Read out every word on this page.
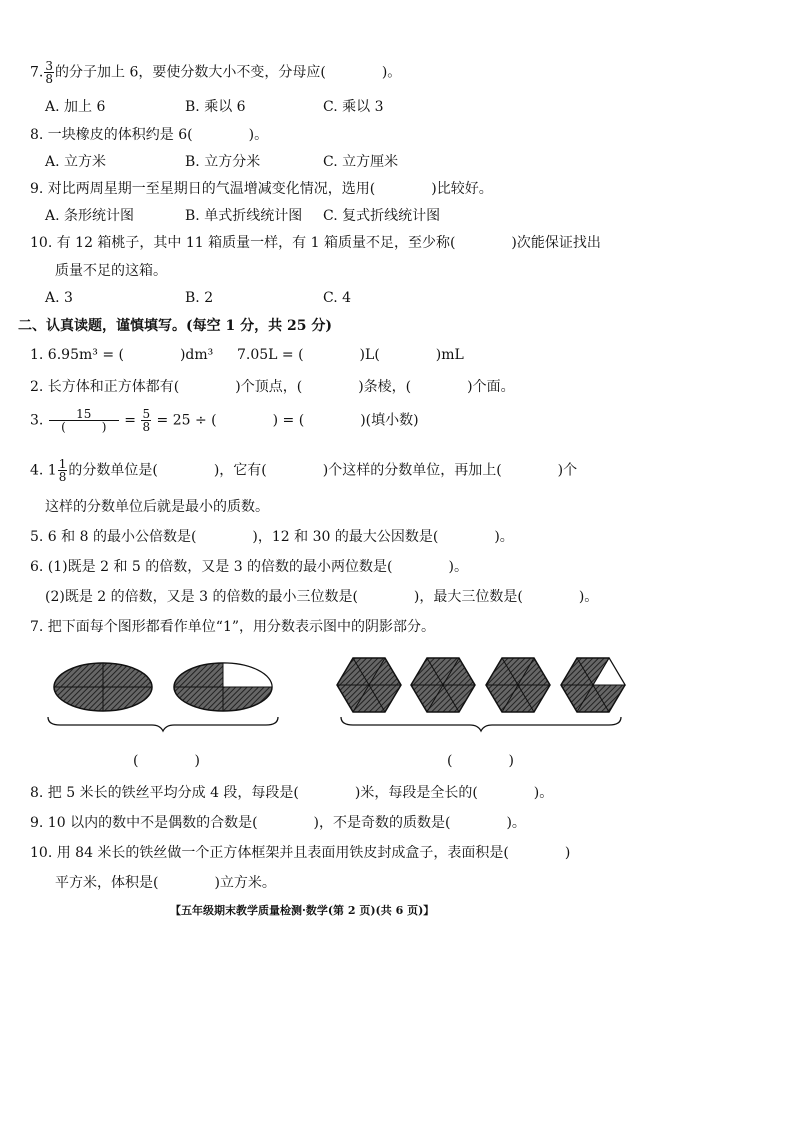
7. $\frac{3}{8}$ 的分子加上 6，要使分数大小不变，分母应(　　　　)。
A. 加上 6	B. 乘以 6	C. 乘以 3
8. 一块橡皮的体积约是 6(　　　　)。
A. 立方米	B. 立方分米	C. 立方厘米
9. 对比两周星期一至星期日的气温增减变化情况，选用(　　　　)比较好。
A. 条形统计图	B. 单式折线统计图 C. 复式折线统计图
10. 有 12 箱桃子，其中 11 箱质量一样，有 1 箱质量不足，至少称(　　　　)次能保证找出
质量不足的这箱。
A. 3	B. 2	C. 4
二、认真读题，谨慎填写。(每空 1 分，共 25 分)
1. 6.95m³ = (　　　　)dm³ 7.05L = (　　　　)L(　　　　)mL
2. 长方体和正方体都有(　　　　)个顶点，(　　　　)条棱，(　　　　)个面。
3. $\frac{15}{( )} = \frac{5}{8} = 25$ ÷ (　　　　) = (　　　　)(填小数)
4. $1 \frac{1}{8}$ 的分数单位是(　　　　)，它有(　　　　)个这样的分数单位，再加上(　　　　)个
这样的分数单位后就是最小的质数。
5. 6 和 8 的最小公倍数是(　　　　)，12 和 30 的最大公因数是(　　　　)。
6. (1)既是 2 和 5 的倍数，又是 3 的倍数的最小两位数是(　　　　)。
(2)既是 2 的倍数，又是 3 的倍数的最小三位数是(　　　　)，最大三位数是(　　　　)。
7. 把下面每个图形都看作单位“1”，用分数表示图中的阴影部分。
(　　　　)	(　　　　)
8. 把 5 米长的铁丝平均分成 4 段，每段是(　　　　)米，每段是全长的(　　　　)。
9. 10 以内的数中不是偶数的合数是(　　　　)，不是奇数的质数是(　　　　)。
10. 用 84 米长的铁丝做一个正方体框架并且表面用铁皮封成盒子，表面积是(　　　　)
平方米，体积是(　　　　)立方米。
【五年级期末教学质量检测·数学(第 2 页)(共 6 页)】
